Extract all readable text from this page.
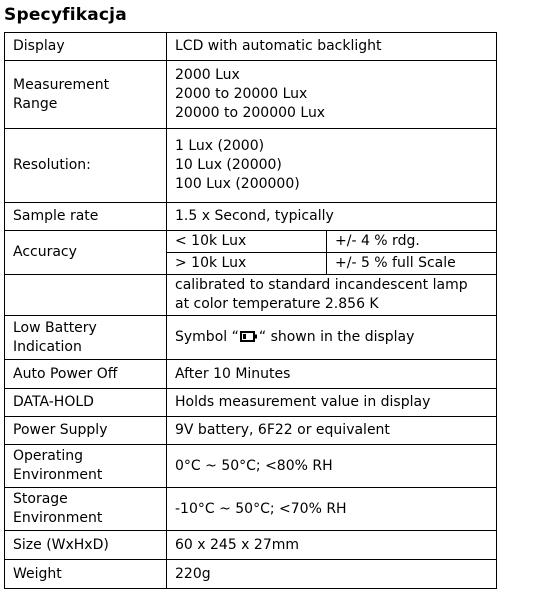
Specyfikacja
Display	LCD with automatic backlight	

Measurement
Range	2000 Lux
2000 to 20000 Lux
20000 to 200000 Lux	

Resolution:	1 Lux (2000)
10 Lux (20000)
100 Lux (200000)	

Sample rate	1.5 x Second, typically	
Accuracy	< 10k Lux	+/- 4 % rdg.
	> 10k Lux	+/- 5 % full Scale

	calibrated to standard incandescent lamp
at color temperature 2.856 K	

Low Battery
Indication	Symbol “ “ shown in the display	
Auto Power Off	After 10 Minutes	
DATA-HOLD	Holds measurement value in display	
Power Supply	9V battery, 6F22 or equivalent	

Operating
Environment	0°C ~ 50°C; <80% RH	

Storage
Environment	-10°C ~ 50°C; <70% RH	
Size (WxHxD)	60 x 245 x 27mm	
Weight	220g	
